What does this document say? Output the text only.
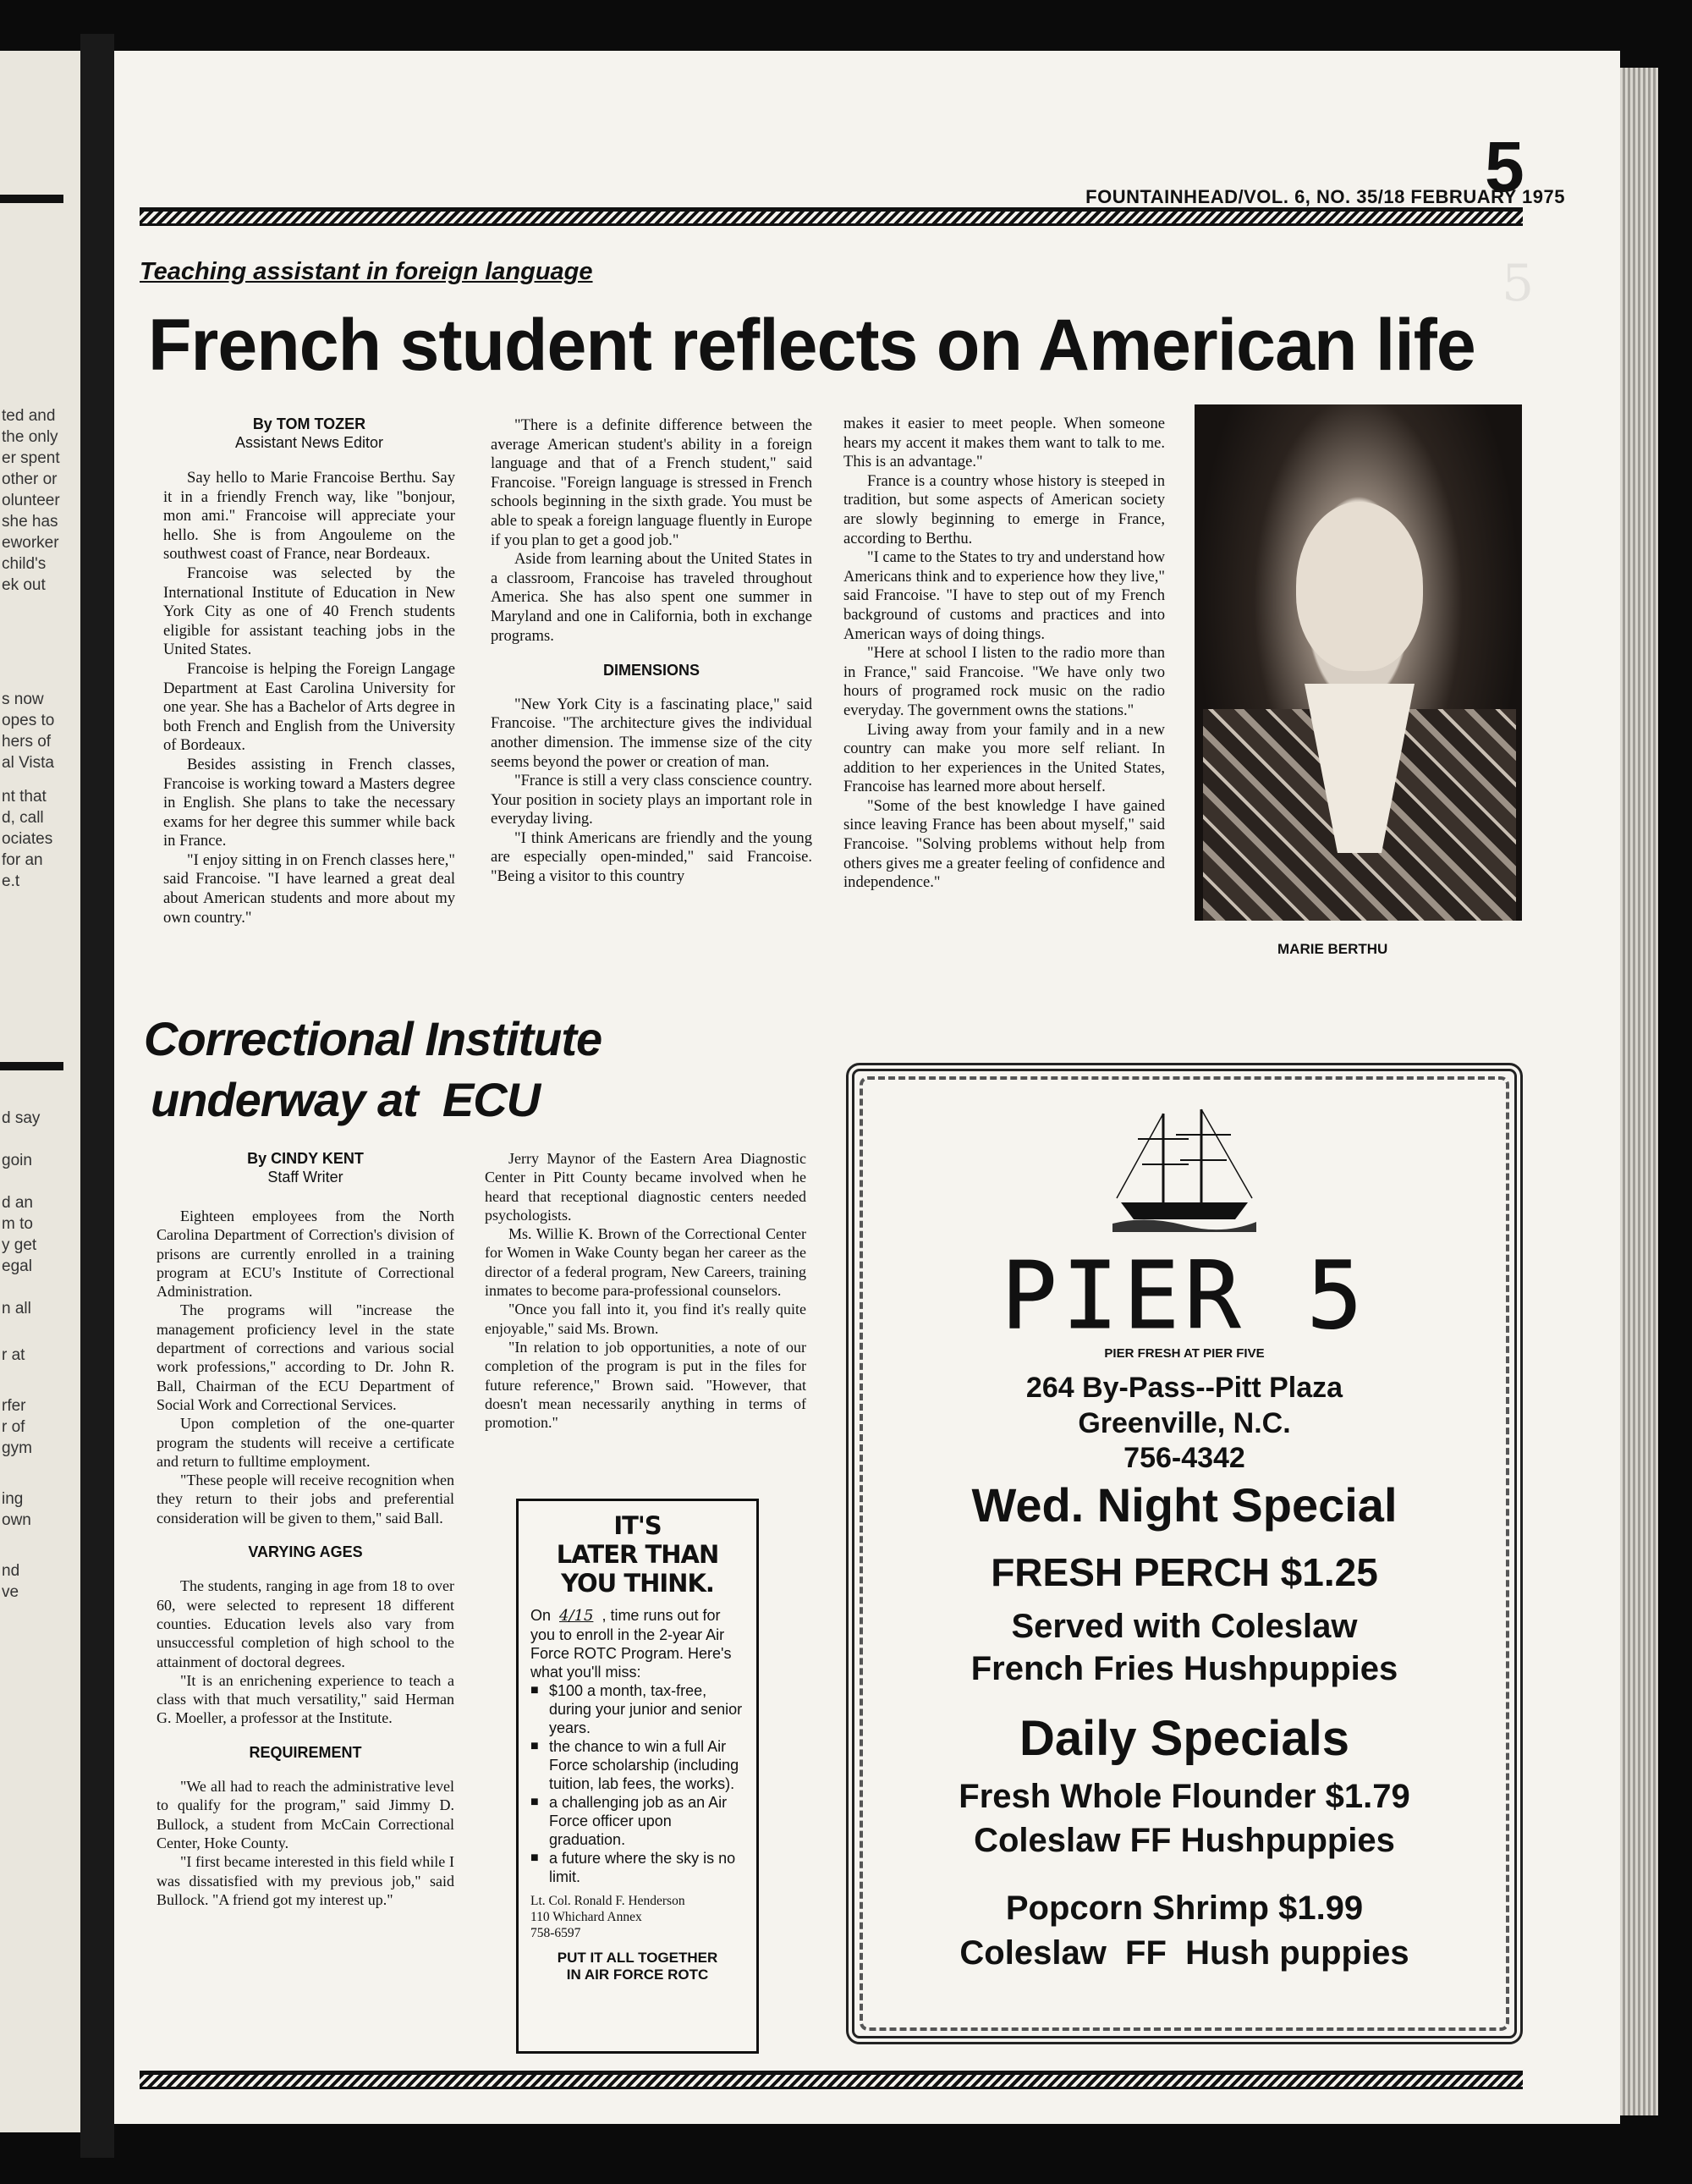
ted and
the only
er spent
other or
olunteer
she has
eworker
child's
ek out
s now
opes to
hers of
al Vista
nt that
d, call
ociates
for an
e.t
d say
goin
d an
m to
y get
egal
n all
r at
rfer
r of
gym
ing
own
nd
ve
5
FOUNTAINHEAD/VOL. 6, NO. 35/18 FEBRUARY 1975
5
Teaching assistant in foreign language
French student reflects on American life
By TOM TOZER
Assistant News Editor

Say hello to Marie Francoise Berthu. Say it in a friendly French way, like "bonjour, mon ami." Francoise will appreciate your hello. She is from Angouleme on the southwest coast of France, near Bordeaux.

Francoise was selected by the International Institute of Education in New York City as one of 40 French students eligible for assistant teaching jobs in the United States.

Francoise is helping the Foreign Langage Department at East Carolina University for one year. She has a Bachelor of Arts degree in both French and English from the University of Bordeaux.

Besides assisting in French classes, Francoise is working toward a Masters degree in English. She plans to take the necessary exams for her degree this summer while back in France.

"I enjoy sitting in on French classes here," said Francoise. "I have learned a great deal about American students and more about my own country."

"There is a definite difference between the average American student's ability in a foreign language and that of a French student," said Francoise. "Foreign language is stressed in French schools beginning in the sixth grade. You must be able to speak a foreign language fluently in Europe if you plan to get a good job."

Aside from learning about the United States in a classroom, Francoise has traveled throughout America. She has also spent one summer in Maryland and one in California, both in exchange programs.

DIMENSIONS

"New York City is a fascinating place," said Francoise. "The architecture gives the individual another dimension. The immense size of the city seems beyond the power or creation of man.

"France is still a very class conscience country. Your position in society plays an important role in everyday living.

"I think Americans are friendly and the young are especially open-minded," said Francoise. "Being a visitor to this country

makes it easier to meet people. When someone hears my accent it makes them want to talk to me. This is an advantage."

France is a country whose history is steeped in tradition, but some aspects of American society are slowly beginning to emerge in France, according to Berthu.

"I came to the States to try and understand how Americans think and to experience how they live," said Francoise. "I have to step out of my French background of customs and practices and into American ways of doing things.

"Here at school I listen to the radio more than in France," said Francoise. "We have only two hours of programed rock music on the radio everyday. The government owns the stations."

Living away from your family and in a new country can make you more self reliant. In addition to her experiences in the United States, Francoise has learned more about herself.

"Some of the best knowledge I have gained since leaving France has been about myself," said Francoise. "Solving problems without help from others gives me a greater feeling of confidence and independence."

MARIE BERTHU
Correctional Institute
underway at  ECU
By CINDY KENT
Staff Writer

Eighteen employees from the North Carolina Department of Correction's division of prisons are currently enrolled in a training program at ECU's Institute of Correctional Administration.

The programs will "increase the management proficiency level in the state department of corrections and various social work professions," according to Dr. John R. Ball, Chairman of the ECU Department of Social Work and Correctional Services.

Upon completion of the one-quarter program the students will receive a certificate and return to fulltime employment.

"These people will receive recognition when they return to their jobs and preferential consideration will be given to them," said Ball.

VARYING AGES

The students, ranging in age from 18 to over 60, were selected to represent 18 different counties. Education levels also vary from unsuccessful completion of high school to the attainment of doctoral degrees.

"It is an enrichening experience to teach a class with that much versatility," said Herman G. Moeller, a professor at the Institute.

REQUIREMENT

"We all had to reach the administrative level to qualify for the program," said Jimmy D. Bullock, a student from McCain Correctional Center, Hoke County.

"I first became interested in this field while I was dissatisfied with my previous job," said Bullock. "A friend got my interest up."

Jerry Maynor of the Eastern Area Diagnostic Center in Pitt County became involved when he heard that receptional diagnostic centers needed psychologists.

Ms. Willie K. Brown of the Correctional Center for Women in Wake County began her career as the director of a federal program, New Careers, training inmates to become para-professional counselors.

"Once you fall into it, you find it's really quite enjoyable," said Ms. Brown.

"In relation to job opportunities, a note of our completion of the program is put in the files for future reference," Brown said. "However, that doesn't mean necessarily anything in terms of promotion."

IT'S
LATER THAN
YOU THINK.
On 4/15 , time runs out for you to enroll in the 2-year Air Force ROTC Program. Here's what you'll miss:
■ $100 a month, tax-free, during your junior and senior years.
■ the chance to win a full Air Force scholarship (including tuition, lab fees, the works).
■ a challenging job as an Air Force officer upon graduation.
■ a future where the sky is no limit.
Lt. Col. Ronald F. Henderson
110 Whichard Annex
758-6597
PUT IT ALL TOGETHER
IN AIR FORCE ROTC
PIER 5
PIER FRESH AT PIER FIVE
264 By-Pass--Pitt Plaza
Greenville, N.C.
756-4342
Wed. Night Special
FRESH PERCH $1.25
Served with Coleslaw
French Fries Hushpuppies
Daily Specials
Fresh Whole Flounder $1.79
Coleslaw FF Hushpuppies
Popcorn Shrimp $1.99
Coleslaw  FF  Hush puppies
